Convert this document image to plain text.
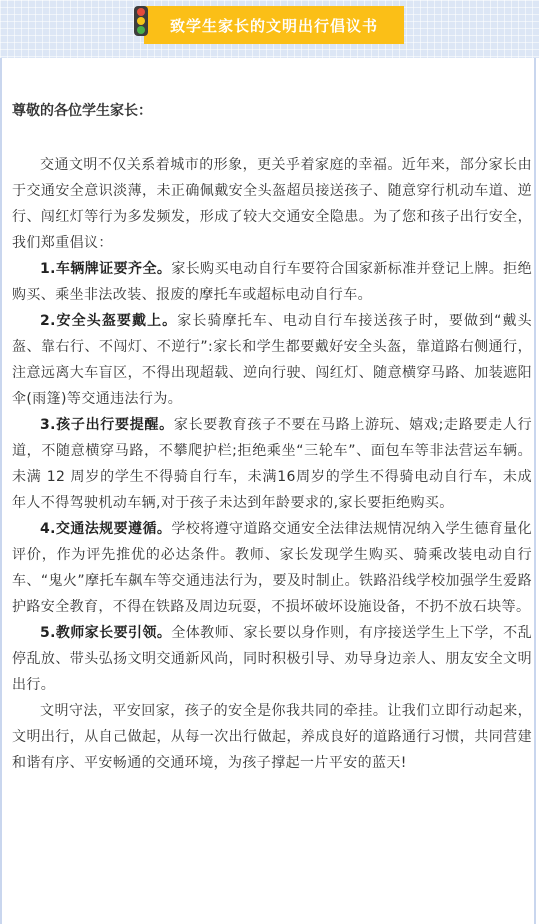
致学生家长的文明出行倡议书

尊敬的各位学生家长：

交通文明不仅关系着城市的形象，更关乎着家庭的幸福。近年来，部分家长由于交通安全意识淡薄，未正确佩戴安全头盔超员接送孩子、随意穿行机动车道、逆行、闯红灯等行为多发频发，形成了较大交通安全隐患。为了您和孩子出行安全，我们郑重倡议：

1.车辆牌证要齐全。家长购买电动自行车要符合国家新标准并登记上牌。拒绝购买、乘坐非法改装、报废的摩托车或超标电动自行车。

2.安全头盔要戴上。家长骑摩托车、电动自行车接送孩子时，要做到“戴头盔、靠右行、不闯灯、不逆行”:家长和学生都要戴好安全头盔，靠道路右侧通行，注意远离大车盲区，不得出现超载、逆向行驶、闯红灯、随意横穿马路、加装遮阳伞(雨篷)等交通违法行为。

3.孩子出行要提醒。家长要教育孩子不要在马路上游玩、嬉戏;走路要走人行道，不随意横穿马路，不攀爬护栏;拒绝乘坐“三轮车”、面包车等非法营运车辆。未满 12 周岁的学生不得骑自行车，未满16周岁的学生不得骑电动自行车，未成年人不得驾驶机动车辆,对于孩子未达到年龄要求的,家长要拒绝购买。

4.交通法规要遵循。学校将遵守道路交通安全法律法规情况纳入学生德育量化评价，作为评先推优的必达条件。教师、家长发现学生购买、骑乘改装电动自行车、“鬼火”摩托车飙车等交通违法行为，要及时制止。铁路沿线学校加强学生爱路护路安全教育，不得在铁路及周边玩耍，不损坏破坏设施设备，不扔不放石块等。

5.教师家长要引领。全体教师、家长要以身作则，有序接送学生上下学，不乱停乱放、带头弘扬文明交通新风尚，同时积极引导、劝导身边亲人、朋友安全文明出行。

文明守法，平安回家，孩子的安全是你我共同的牵挂。让我们立即行动起来，文明出行，从自己做起，从每一次出行做起，养成良好的道路通行习惯，共同营建和谐有序、平安畅通的交通环境，为孩子撑起一片平安的蓝天!
